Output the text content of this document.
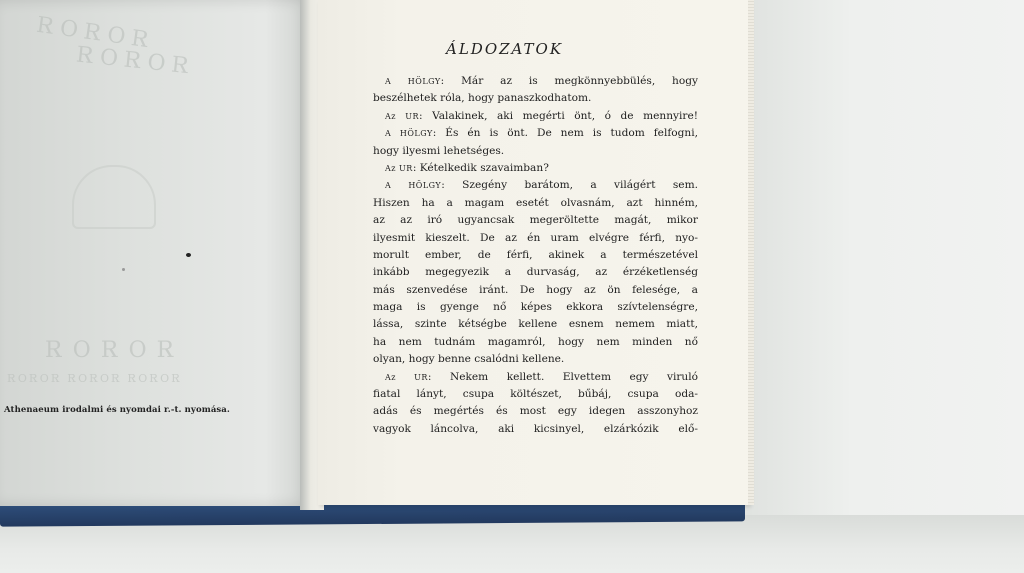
ЯОЯОЯ
ЯОЯОЯ
ЯОЯОЯ
ЯОЯОЯ ЯОЯОЯ ЯОЯОЯ
Athenaeum irodalmi és nyomdai r.-t. nyomása.
ÁLDOZATOK
A HÖLGY: Már az is megkönnyebbülés, hogy
beszélhetek róla, hogy panaszkodhatom.
Az UR: Valakinek, aki megérti önt, ó de mennyire!
A HÖLGY: És én is önt. De nem is tudom felfogni,
hogy ilyesmi lehetséges.
Az UR: Kételkedik szavaimban?
A HÖLGY: Szegény barátom, a világért sem.
Hiszen ha a magam esetét olvasnám, azt hinném,
az az iró ugyancsak megeröltette magát, mikor
ilyesmit kieszelt. De az én uram elvégre férfi, nyo-
morult ember, de férfi, akinek a természetével
inkább megegyezik a durvaság, az érzéketlenség
más szenvedése iránt. De hogy az ön felesége, a
maga is gyenge nő képes ekkora szívtelenségre,
lássa, szinte kétségbe kellene esnem nemem miatt,
ha nem tudnám magamról, hogy nem minden nő
olyan, hogy benne csalódni kellene.
Az UR: Nekem kellett. Elvettem egy viruló
fiatal lányt, csupa költészet, bűbáj, csupa oda-
adás és megértés és most egy idegen asszonyhoz
vagyok láncolva, aki kicsinyel, elzárkózik elő-
